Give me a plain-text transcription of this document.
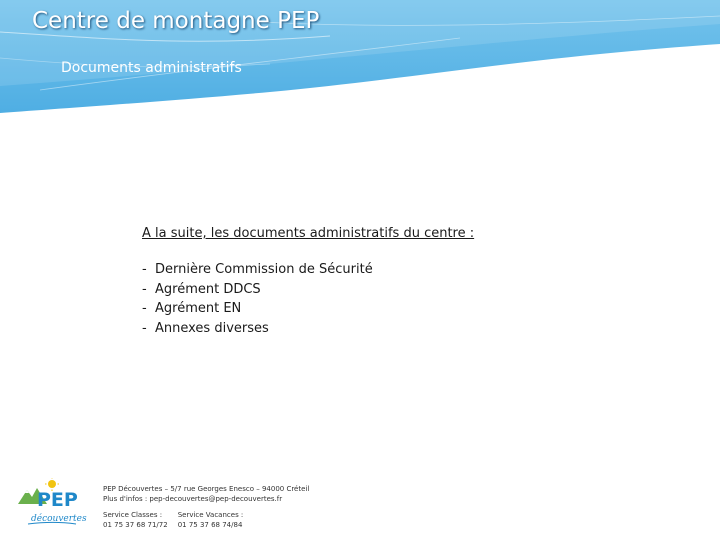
Centre de montagne PEP
Documents administratifs

A la suite, les documents administratifs du centre :

- Dernière Commission de Sécurité
- Agrément DDCS
- Agrément EN
- Annexes diverses
PEP
découvertes
PEP Découvertes – 5/7 rue Georges Enesco – 94000 Créteil
Plus d'infos : pep-decouvertes@pep-decouvertes.fr
Service Classes :
01 75 37 68 71/72
Service Vacances :
01 75 37 68 74/84
